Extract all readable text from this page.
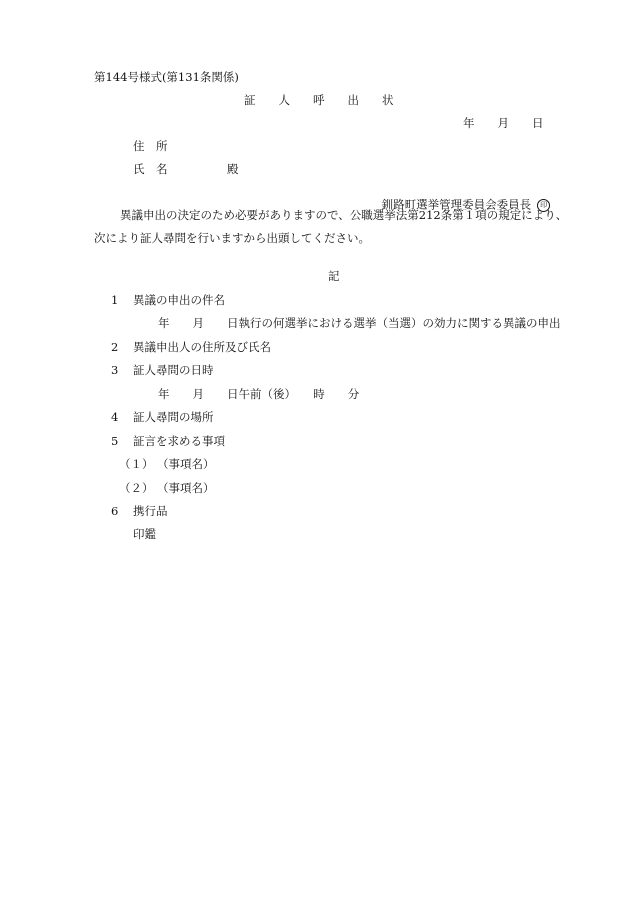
第144号様式(第131条関係)
証　　人　　呼　　出　　状
年　　月　　日
住　所
氏　名	殿

釧路町選挙管理委員会委員長 印

異議申出の決定のため必要がありますので、公職選挙法第212条第１項の規定により、
次により証人尋問を行いますから出頭してください。
記
1 異議の申出の件名
年　　月　　日執行の何選挙における選挙（当選）の効力に関する異議の申出
2 異議申出人の住所及び氏名
3 証人尋問の日時
年　　月　　日午前（後）　　時　　分
4 証人尋問の場所
5 証言を求める事項
（１） （事項名）
（２） （事項名）
6 携行品
印鑑
